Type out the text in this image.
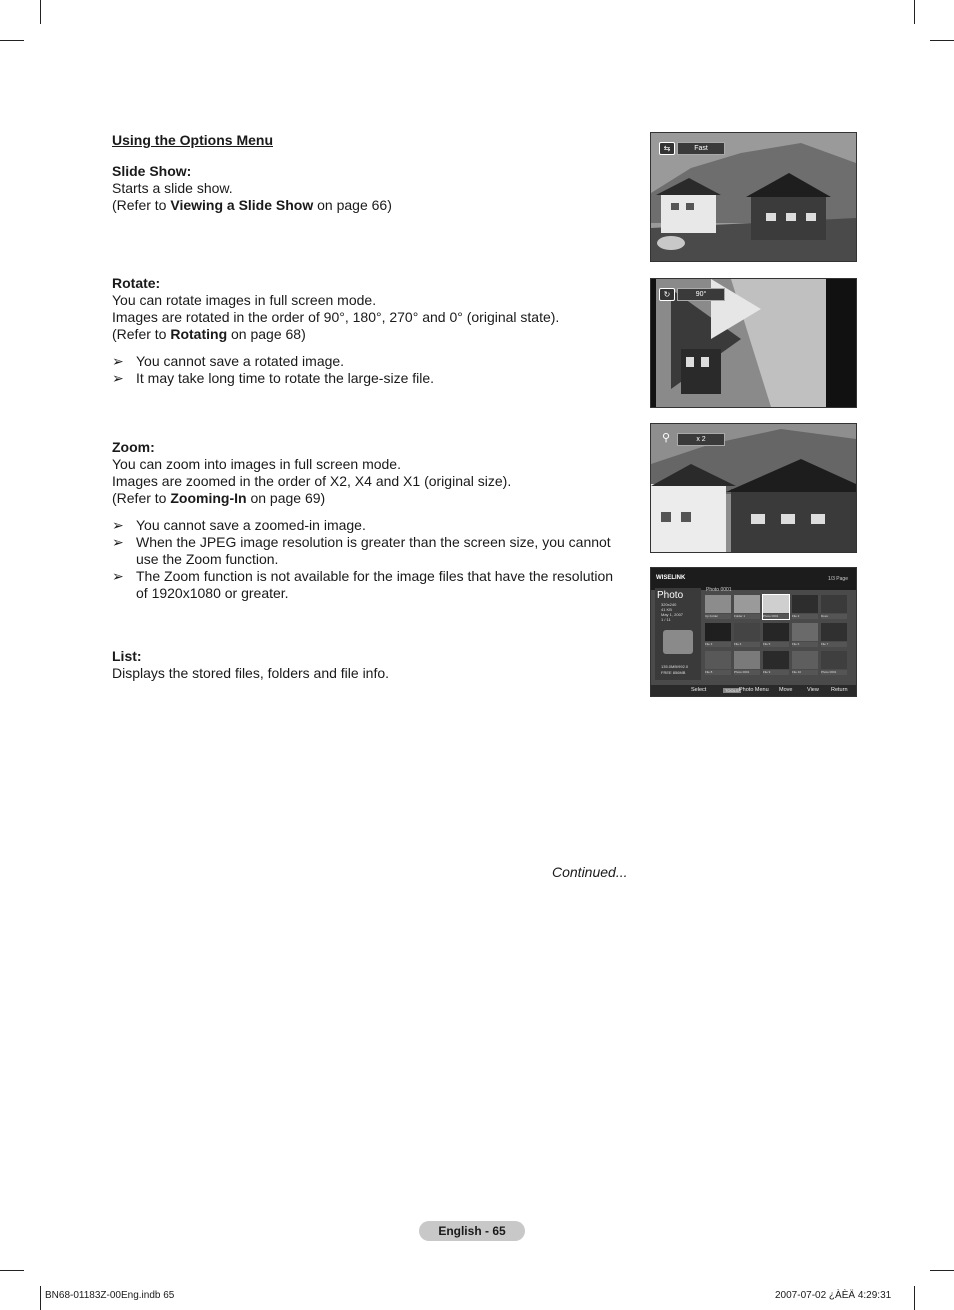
Using the Options Menu
Slide Show:

Starts a slide show.

(Refer to Viewing a Slide Show on page 66)

Rotate:

You can rotate images in full screen mode.

Images are rotated in the order of 90°, 180°, 270° and 0° (original state).

(Refer to Rotating on page 68)

➢ You cannot save a rotated image.
➢ It may take long time to rotate the large-size file.
Zoom:

You can zoom into images in full screen mode.

Images are zoomed in the order of X2, X4 and X1 (original size).

(Refer to Zooming-In on page 69)

➢ You cannot save a zoomed-in image.
➢ When the JPEG image resolution is greater than the screen size, you cannot use the Zoom function.
➢ The Zoom function is not available for the image files that have the resolution of 1920x1080 or greater.
List:

Displays the stored files, folders and file info.

Continued...
⇆	Fast
↻	90°
⚲	x 2
WISELINK	1/3 Page
Photo
320x240
41 KB
May 1, 2007
1 / 11
135.0MB/992.0
FREE 856MB
Photo 0001
Up Folder	Folder 1	Photo 0001	File 2	Dove
File 3	File 4	File 5	File 6	File 7
File 8	Photo 0001	File 9	File 10	Photo 0001
Select	TOOLS Photo Menu Move	View Return
English - 65
BN68-01183Z-00Eng.indb 65	2007-07-02 ¿ÀÈÄ 4:29:31
